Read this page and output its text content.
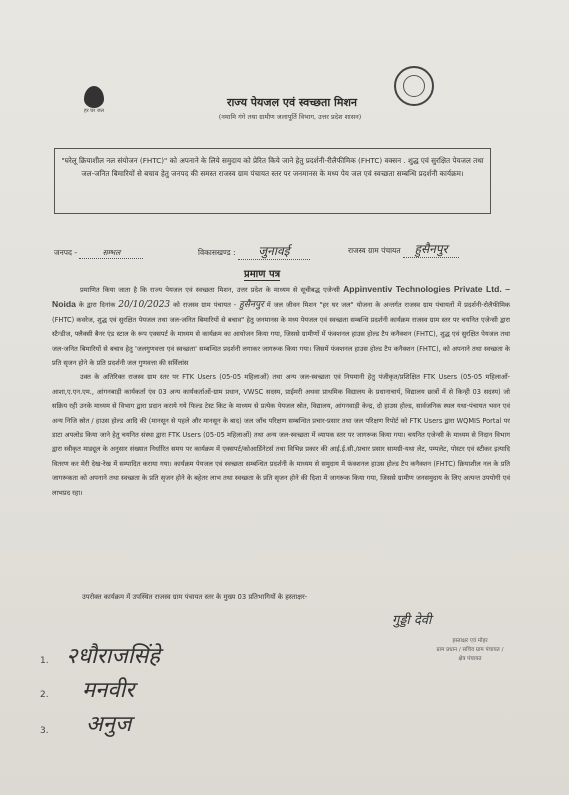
हर घर जल
राज्य पेयजल एवं स्वच्छता मिशन
(नमामि गंगे तथा ग्रामीण जलापूर्ति विभाग, उत्तर प्रदेश शासन)
"घरेलू क्रियाशील नल संयोजन (FHTC)" को अपनाने के लिये समुदाय को प्रेरित किये जाने हेतु प्रदर्शनी-रीलैफीमिक (FHTC) वक्सन . शुद्ध एवं सुरक्षित पेयजल तथा जल-जनित बिमारियों से बचाव हेतु जनपद की समस्त राजस्व ग्राम पंचायत स्तर पर जनमानस के मध्य पेय जल एवं स्वच्छता सम्बन्धि प्रदर्शनी कार्यक्रम।
जनपद -	सम्भल	विकासखण्ड : जुनावई	राजस्व ग्राम पंचायत हुसैनपुर
प्रमाण पत्र

प्रमाणित किया जाता है कि राज्य पेयजल एवं स्वच्छता मिशन, उत्तर प्रदेश के माध्यम से सूचीबद्ध एजेन्सी Appinventiv Technologies Private Ltd. – Noida के द्वारा दिनांक 20/10/2023 को राजस्व ग्राम पंचायत - हुसैनपुर में जल जीवन मिशन "हर घर जल" योजना के अन्तर्गत राजस्व ग्राम पंचायतों में प्रदर्शनी-रोलैफीमिक (FHTC) कवरेज, शुद्ध एवं सुरक्षित पेयजल तथा जल-जनित बिमारियों से बचाव" हेतु जनमानस के मध्य पेयजल एवं स्वच्छता सम्बन्धि प्रदर्शनी कार्यक्रम राजस्व ग्राम स्तर पर चयनित एजेन्सी द्वारा स्टैन्डीज, फ्लैक्सी बैनर एंड स्टाल के रूप एक्सपर्ट के माध्यम से कार्यक्रम का आयोजन किया गया, जिससे ग्रामीणों में फंक्शनल हाउस होल्ड टैप कनैक्शन (FHTC), शुद्ध एवं सुरक्षित पेयजल तथा जल-जनित बिमारियों से बचाव हेतु 'जलगुणवत्ता एवं स्वच्छता' सम्बन्धित प्रदर्शनी लगाकर जागरूक किया गया। जिसमें फंक्शनल हाउस होल्ड टैप कनैक्शन (FHTC), को अपनाने तथा स्वच्छता के प्रति सृजन होने के प्रति प्रदर्शनी जल गुणवत्ता की सर्विलांस

उक्त के अतिरिक्त राजस्व ग्राम स्तर पर FTK Users (05-05 महिलाओं) तथा अन्य जल-स्वच्छता एवं नियमानी हेतु पंजीकृत/प्रशिक्षित FTK Users (05-05 महिलाओं-आशा,ए.एन.एम., आंगनबाड़ी कार्यकर्ता एंव 03 अन्य कार्यकर्ताओं-ग्राम प्रधान, VWSC सदस्य, प्राईमरी अथवा प्राथमिक विद्यालय के प्रधानाचार्य, विद्यालय छात्रों में से किन्ही 03 सदस्य) जो सक्रिय रही उनके माध्यम से विभाग द्वारा प्रदान कराये गये फिल्ड टेस्ट किट के माध्यम से प्रत्येक पेयजल स्रोत, विद्यालय, आंगनवाड़ी केन्द्र, दो हाउस होल्ड, सार्वजनिक स्थल यथा-पंचायत भवन एवं अन्य निजि स्रोत / हाउस होल्ड आदि की (मानसून से पहले और मानसून के बाद) जल जाँच परिक्षण सम्बन्धित प्रचार-प्रसार तथा जल परिक्षण रिपोर्ट को FTK Users द्वारा WQMIS Portal पर डाटा अपलोड किया जाने हेतु चयनित संस्था द्वारा FTK Users (05-05 महिलाओं) तथा अन्य जल-स्वच्छता में व्यापक स्तर पर जागरूक किया गया। चयनित एजेन्सी के माध्यम से निदान विभाग द्वारा स्वीकृत माड्यूल के अनुसार संख्यात निर्धारित समय पर कार्यक्रम में एक्सपर्ट/कोआर्डिनेटर्स तथा विभिन्न प्रकार की आई.ई.सी./प्रचार प्रसार सामग्री-यथा लेट, पम्पलेट, पोस्टर एवं स्टीकर इत्यादि वितरण कर मेरी देख-रेख में सम्पादित कराया गया। कार्यक्रम पेयजल एवं स्वच्छता सम्बन्धित प्रदर्शनी के माध्यम से समुदाय में फंक्शनल हाउस होल्ड टैप कनैक्शन (FHTC) क्रियाशील नल के प्रति जागरूकता को अपनाने तथा स्वच्छता के प्रति सृजन होने के बहेतर लाभ तथा स्वच्छता के प्रति सृजन होने की दिशा में जागरूक किया गया, जिससे ग्रामीण जनसमुदाय के लिए अत्यन्त उपयोगी एवं लाभप्रद रहा।

उपरोक्त कार्यक्रम में उपस्थित राजस्व ग्राम पंचायत स्तर के मुख्य 03 प्रतिभागियों के हस्ताक्षर-
गुड्डी देवी
हस्ताक्षर एवं मोहर
ग्राम प्रधान / सचिव ग्राम पंचायत /
क्षेत्र पंचायत
1. २धौराजसिंहे
2. मनवीर
3. अनुज
